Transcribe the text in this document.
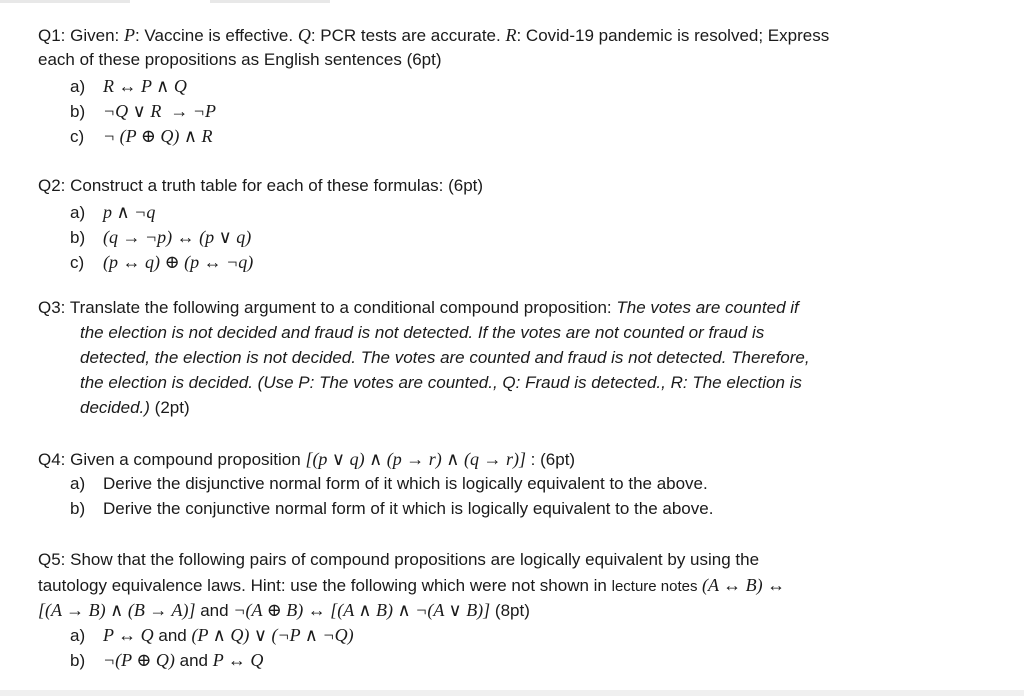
Q1: Given: P: Vaccine is effective. Q: PCR tests are accurate. R: Covid-19 pandemic is resolved; Express
each of these propositions as English sentences (6pt)
a) R ↔ P ∧ Q
b) ¬Q ∨ R  → ¬P
c) ¬ (P ⊕ Q) ∧ R
Q2: Construct a truth table for each of these formulas: (6pt)
a) p ∧ ¬q
b) (q → ¬p) ↔ (p ∨ q)
c) (p ↔ q) ⊕ (p ↔ ¬q)
Q3: Translate the following argument to a conditional compound proposition: The votes are counted if
the election is not decided and fraud is not detected. If the votes are not counted or fraud is
detected, the election is not decided. The votes are counted and fraud is not detected. Therefore,
the election is decided. (Use P: The votes are counted., Q: Fraud is detected., R: The election is
decided.) (2pt)
Q4: Given a compound proposition [(p ∨ q) ∧ (p → r) ∧ (q → r)] : (6pt)
a) Derive the disjunctive normal form of it which is logically equivalent to the above.
b) Derive the conjunctive normal form of it which is logically equivalent to the above.
Q5: Show that the following pairs of compound propositions are logically equivalent by using the
tautology equivalence laws. Hint: use the following which were not shown in lecture notes (A ↔ B) ↔
[(A → B) ∧ (B → A)] and ¬(A ⊕ B) ↔ [(A ∧ B) ∧ ¬(A ∨ B)] (8pt)
a) P ↔ Q and (P ∧ Q) ∨ (¬P ∧ ¬Q)
b) ¬(P ⊕ Q) and P ↔ Q
